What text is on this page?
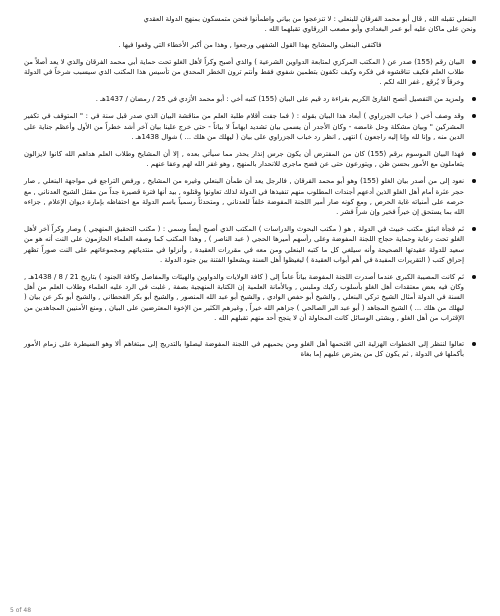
البنعلي تقبله الله , قال أبو محمد الفرقان للبنعلي : لا تنزعجوا من بياني واطمأنوا فنحن متمسكون بمنهج الدولة العقدي
ونحن على ماكان عليه أبو عمر البغدادي وأبو مصعب الزرقاوي تقبلهما الله .
فاكتفى البنعلي والمشايخ بهذا القول الشفهي ورجعوا , وهذا من أكبر الأخطاء التي وقعوا فيها .
البيان رقم (155) صدر عن ( المكتب المركزي لمتابعة الدواوين الشرعية ) والذي أصبح وكراً لأهل الغلو تحت حماية أبي محمد الفرقان والذي لا يعد أصلاً من طلاب العلم فكيف تناقشوه في فكره وكيف تكفون بتطمين شفوي فقط وأنتم ترون الخطر المحدق من تأسيس هذا المكتب الذي سيسبب شرخاً في الدولة وخرقاً لا يُرقع , غفر الله لكم .
ولمزيد من التفصيل أنصح القارئ الكريم بقراءة رد قيم على البيان (155) كتبه أخي : أبو محمد الأزدي في 25 / رمضان / 1437هـ .
وقد وصف أخي ( خباب الجزراوي ) أبعاد هذا البيان بقوله : ( فما جفت أقلام طلبة العلم من مناقشة البيان الذي صدر قبل سنة في : " المتوقف في تكفير المشركين " وبيان مشكلة وحل غامضه - وكان الأجدر أن يسمى بيان تشديد ايهاماً لا بياناً - حتى خرج علينا بيان آخر أشد خطراً من الأول وأعظم جناية على الدين منه , وإنا لله وإنا إليه راجعون ) انتهى , انظر رد خباب الجزراوي على بيان ( ليهلك من هلك ... ) شوال 1438هـ .
فهذا البيان الموسوم برقم (155) كان من المفترض أن يكون جرس إنذار يحذر مما سيأتي بعده , إلا أن المشايخ وطلاب العلم هداهم الله كانوا لايزالون يتعاملون مع الأمور بحسن ظن , ويتورعون حتى عن فضح ماجرى للانحدار بالمنهج , وهو غفر الله لهم وعفا عنهم .
نعود إلى من أصدر بيان الغلو (155) وهو أبو محمد الفرقان , فالرجل يعد أن طمأن البنعلي وغيره من المشايخ , ورفض التراجع في مواجهة البنعلي , صار حجر عثرة أمام أهل الغلو الذين أدعهم أجندات المطلوب منهم تنفيذها في الدولة لذلك تعاونوا وقتلوه , بيد أنها فترة قصيرة جداً من مقتل الشيخ العدناني , مع حرصه على أمنياته غاية الحرص , ومع كونه صار أمير اللجنة المفوضة خلفاً للعدناني , ومتحدثاً رسمياً باسم الدولة مع احتفاظه بإمارة ديوان الإعلام , جزاءه الله بما يستحق إن خيراً فخير وإن شراً فشر .
ثم فجأة انبثق مكتب خبيث في الدولة , هو ( مكتب البحوث والدراسات ) المكتب الذي أصبح أيضاً وسمي : ( مكتب التحقيق المنهجي ) وصار وكراً آخر لأهل الغلو تحت رعاية وحماية حجاج اللجنة المفوضة وعلى رأسهم أميرها الحجي ( عبد الناصر ) , وهذا المكتب كما وصفه العلماء الحازمون على النت أنه هو من سعيد للدولة عقيدتها الصحيحة وأنه سيلغي كل ما كتبه البنعلي ومن معه في مقررات العقيدة , وأنزلوا في منتدياتهم ومجموعاتهم على النت صوراً تظهر إحراق كتب ( التقريرات المفيدة في أهم أبواب العقيدة ) ليغيظوا أهل السنة ويشعلوا الفتنة بين جنود الدولة .
ثم كانت المصيبة الكبرى عندما أصدرت اللجنة المفوضة بياناً عاماً إلى ( كافة الولايات والدواوين والهيئات والمفاصل وكافة الجنود ) بتاريخ 21 / 8 / 1438هـ , وكان فيه بعض معتقدات أهل الغلو بأسلوب ركيك وملبس , وبالأمانة العلمية إن الكتابة المنهجية بصفة , غلبت في الرد عليه العلماء وطلاب العلم من أهل السنة في الدولة أمثال الشيخ تركي البنعلي , والشيخ أبو حفص الوادي , والشيخ أبو عبد الله المنصور , والشيخ أبو بكر القحطاني , والشيخ أبو بكر عن بيان ( ليهلك من هلك ... ) الشيخ المجاهد ( أبو عبد البر الصالحي ) جزاهم الله خيراً , وغيرهم الكثير من الإخوة المعترضين على البيان , ومنع الأمنيين المجاهدين من الإقتراب من أهل الغلو , وبشتى الوسائل كانت المحاولة أن لا ينجح أحد منهم تقبلهم الله .
تعالوا لننظر إلى الخطوات الهزلية التي اقتحمها أهل الغلو ومن يحميهم في اللجنة المفوضة ليصلوا بالتدريج إلى مبتغاهم ألا وهو السيطرة على زمام الأمور بأكملها في الدولة , ثم يكون كل من يعترض عليهم إما بغاة
5 of 48
